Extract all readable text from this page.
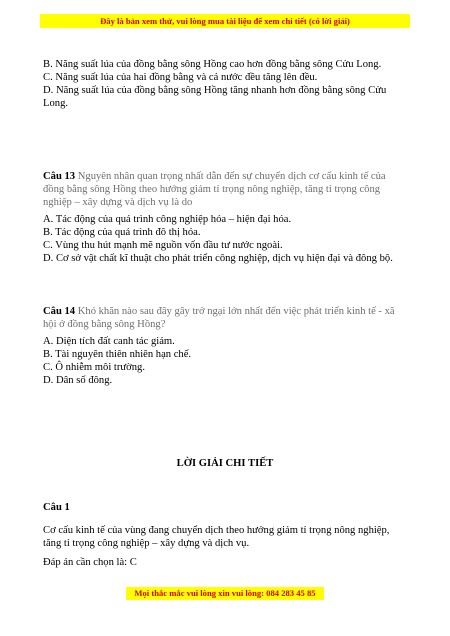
Đây là bản xem thử, vui lòng mua tài liệu để xem chi tiết (có lời giải)
B. Năng suất lúa của đồng bằng sông Hồng cao hơn đồng bằng sông Cửu Long.
C. Năng suất lúa của hai đồng bằng và cả nước đều tăng lên đều.
D. Năng suất lúa của đồng bằng sông Hồng tăng nhanh hơn đồng bằng sông Cửu
Long.
Câu 13 Nguyên nhân quan trọng nhất dẫn đến sự chuyển dịch cơ cấu kinh tế của
đồng bằng sông Hồng theo hướng giảm tỉ trọng nông nghiệp, tăng tỉ trọng công
nghiệp – xây dựng và dịch vụ là do
A. Tác động của quá trình công nghiệp hóa – hiện đại hóa.
B. Tác động của quá trình đô thị hóa.
C. Vùng thu hút mạnh mẽ nguồn vốn đầu tư nước ngoài.
D. Cơ sở vật chất kĩ thuật cho phát triển công nghiệp, dịch vụ hiện đại và đông bộ.
Câu 14 Khó khăn nào sau đây gây trở ngại lớn nhất đến việc phát triển kinh tế - xã
hội ở đồng bằng sông Hồng?
A. Diện tích đất canh tác giảm.
B. Tài nguyên thiên nhiên hạn chế.
C. Ô nhiễm môi trường.
D. Dân số đông.
LỜI GIẢI CHI TIẾT
Câu 1
Cơ cấu kinh tế của vùng đang chuyển dịch theo hướng giảm tỉ trọng nông nghiệp,
tăng tỉ trọng công nghiệp – xây dựng và dịch vụ.
Đáp án cần chọn là: C
Mọi thắc mắc vui lòng xin vui lòng: 084 283 45 85
